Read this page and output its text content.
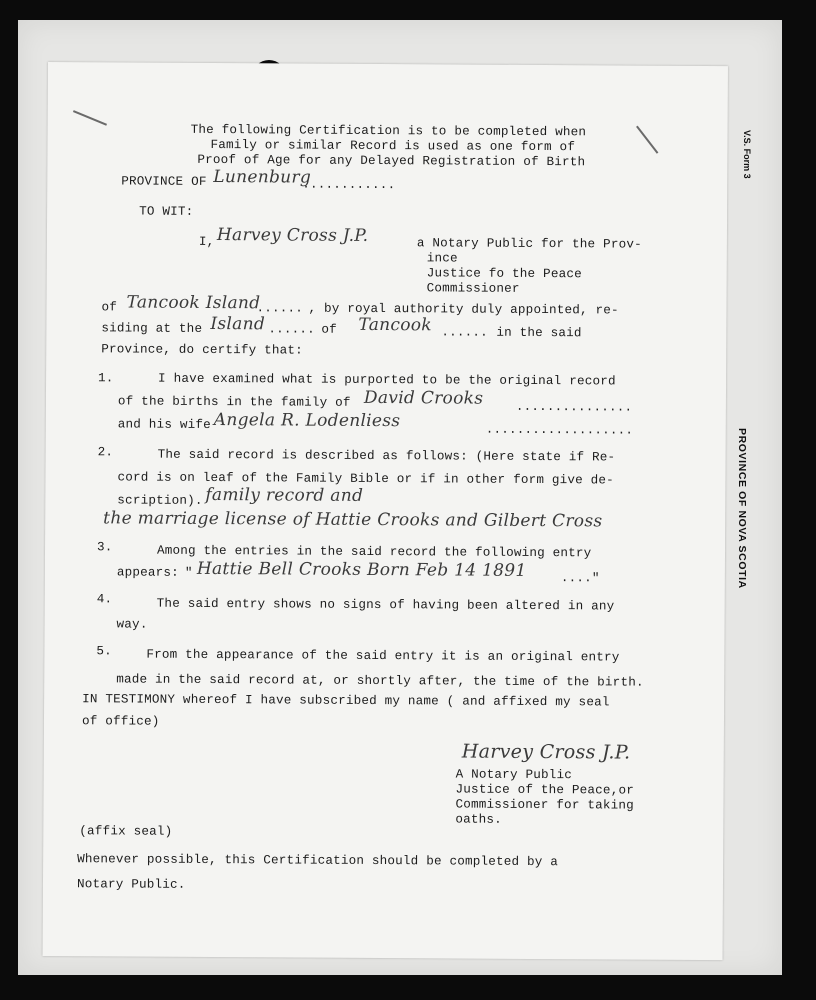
V.S. Form 3
PROVINCE OF NOVA SCOTIA
The following Certification is to be completed when
Family or similar Record is used as one form of
Proof of Age for any Delayed Registration of Birth
PROVINCE OF Lunenburg
............
TO WIT:
I, Harvey Cross J.P.	a Notary Public for the Prov-
ince
Justice fo the Peace
Commissioner
of Tancook Island
...... , by royal authority duly appointed, re-
siding at the Island ...... of Tancook ...... in the said
Province, do certify that:
1.	I have examined what is purported to be the original record
of the births in the family of David Crooks	...............
and his wife Angela R. Lodenliess	...................
2.	The said record is described as follows: (Here state if Re-
cord is on leaf of the Family Bible or if in other form give de-
scription). family record and
the marriage license of Hattie Crooks and Gilbert Cross
3.	Among the entries in the said record the following entry
appears: " Hattie Bell Crooks Born Feb 14 1891	...."
4.	The said entry shows no signs of having been altered in any
way.
5.	From the appearance of the said entry it is an original entry
made in the said record at, or shortly after, the time of the birth.
IN TESTIMONY whereof I have subscribed my name ( and affixed my seal
of office)
Harvey Cross J.P.
A Notary Public
Justice of the Peace,or
Commissioner for taking
oaths.
(affix seal)
Whenever possible, this Certification should be completed by a
Notary Public.
